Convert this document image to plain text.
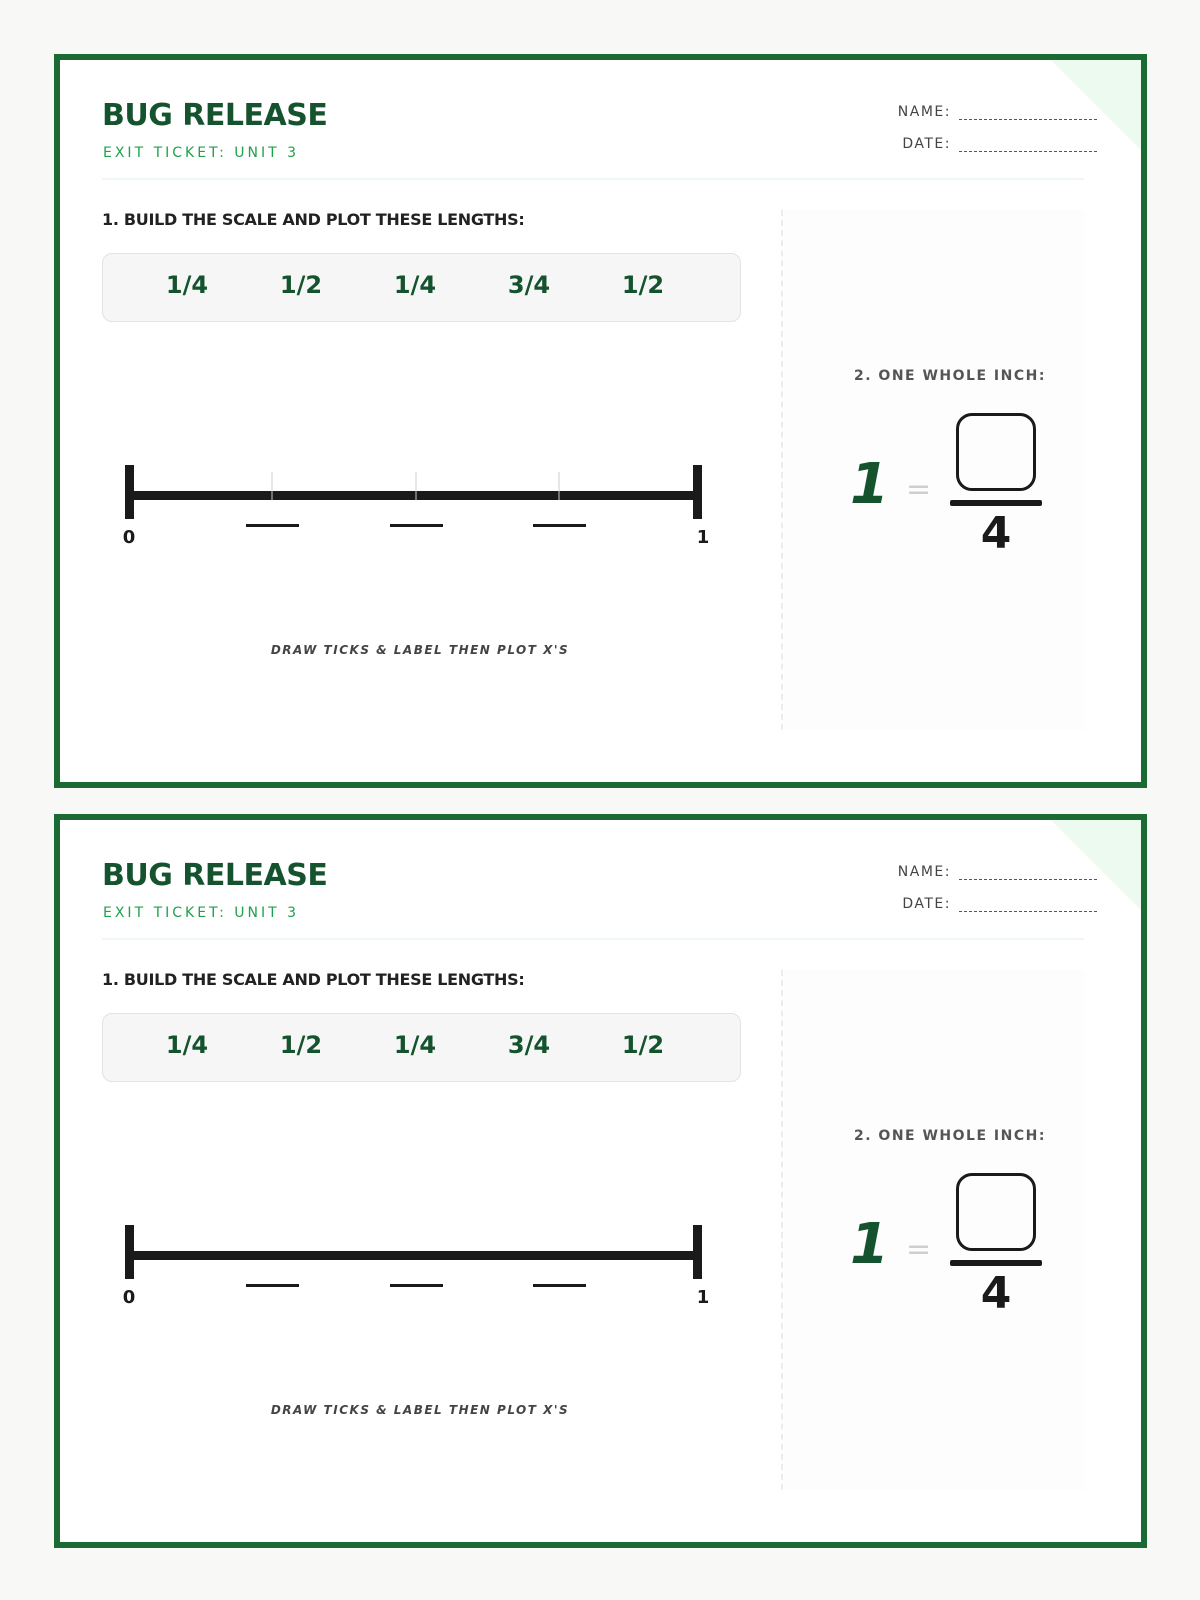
BUG RELEASE
EXIT TICKET: UNIT 3
NAME:
DATE:
1. BUILD THE SCALE AND PLOT THESE LENGTHS:
1/4	1/2	1/4	3/4	1/2
0	1
DRAW TICKS & LABEL THEN PLOT X'S
2. ONE WHOLE INCH:
1 =
4
BUG RELEASE
EXIT TICKET: UNIT 3
NAME:
DATE:
1. BUILD THE SCALE AND PLOT THESE LENGTHS:
1/4	1/2	1/4	3/4	1/2
0	1
DRAW TICKS & LABEL THEN PLOT X'S
2. ONE WHOLE INCH:
1 =
4
